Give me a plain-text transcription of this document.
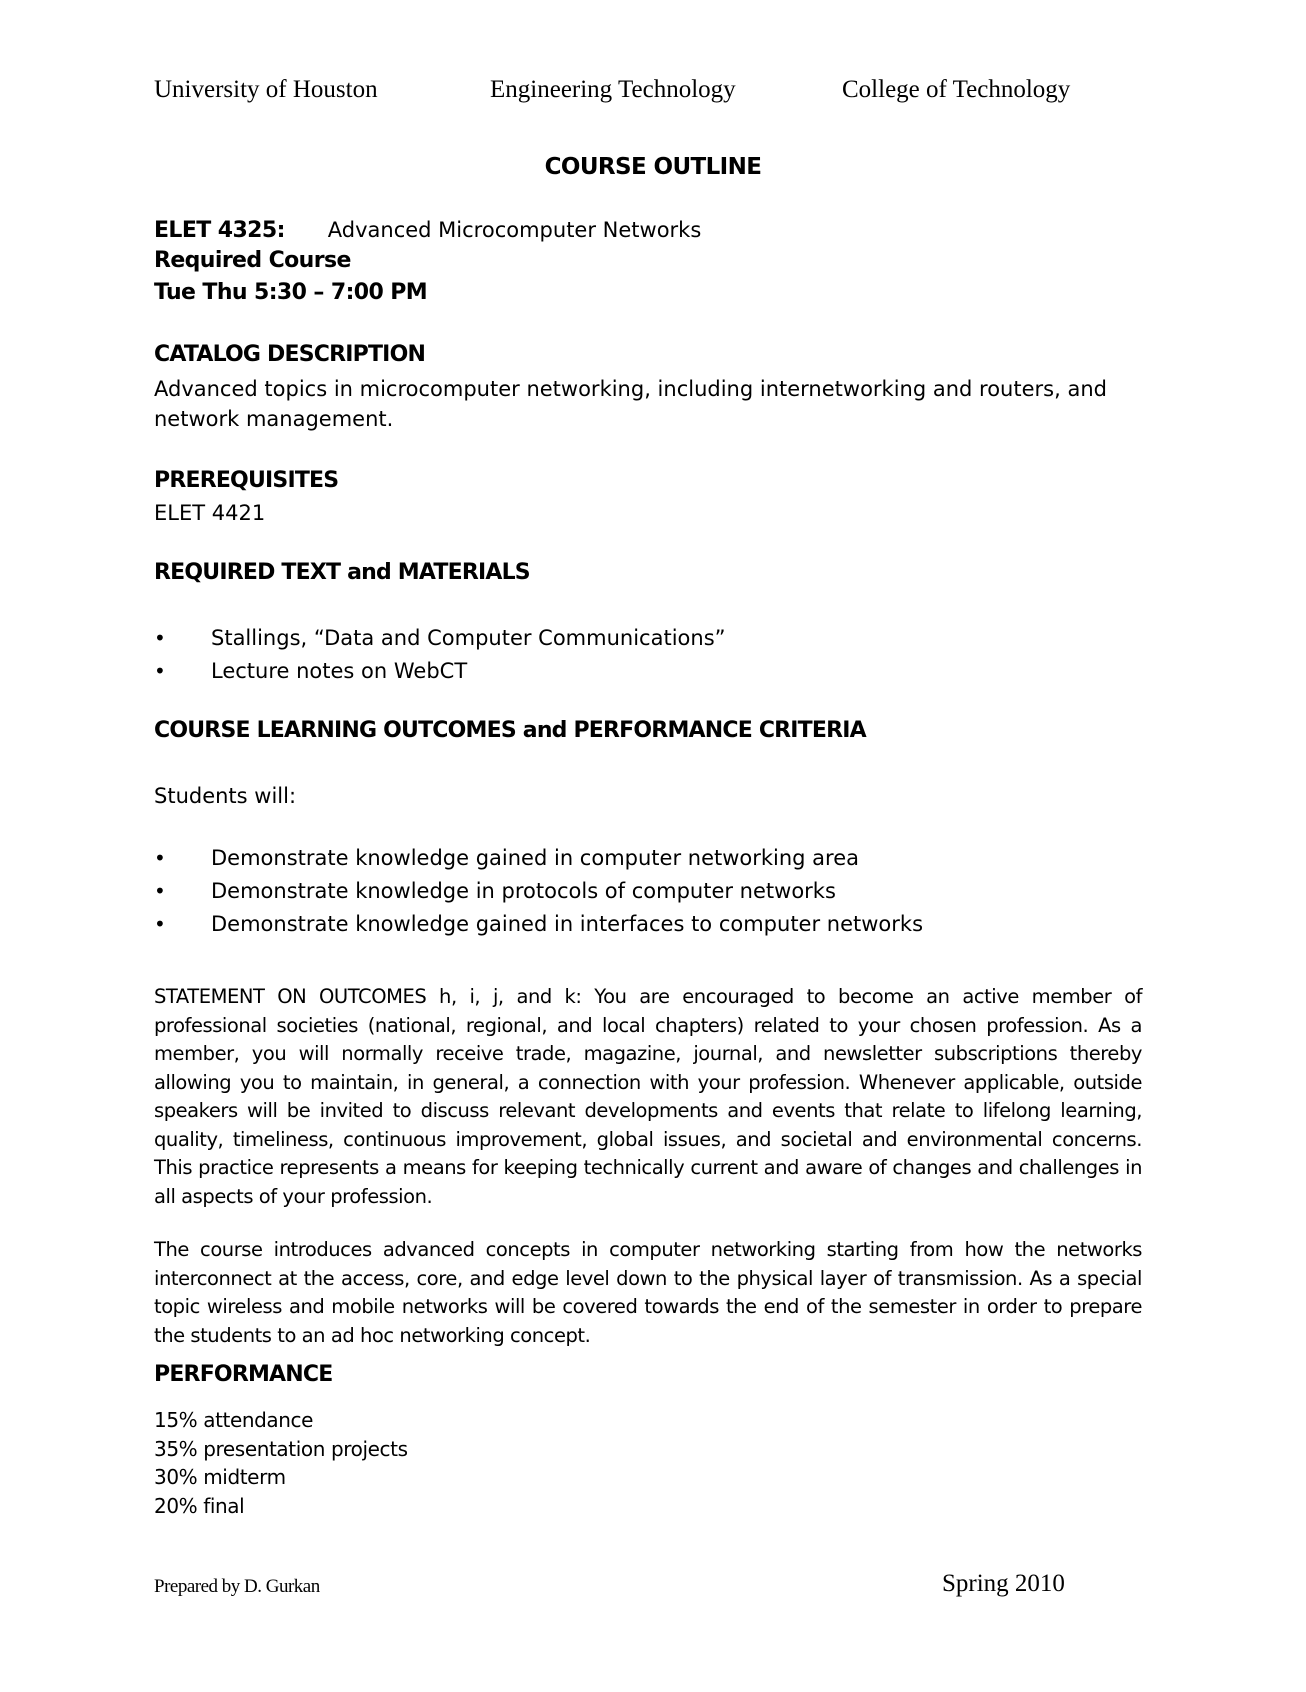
University of Houston	Engineering Technology	College of Technology
COURSE OUTLINE
ELET 4325: Advanced Microcomputer Networks
Required Course
Tue Thu 5:30 – 7:00 PM
CATALOG DESCRIPTION
Advanced topics in microcomputer networking, including internetworking and routers, and
network management.
PREREQUISITES
ELET 4421
REQUIRED TEXT and MATERIALS
• Stallings, “Data and Computer Communications”
• Lecture notes on WebCT
COURSE LEARNING OUTCOMES and PERFORMANCE CRITERIA
Students will:
• Demonstrate knowledge gained in computer networking area
• Demonstrate knowledge in protocols of computer networks
• Demonstrate knowledge gained in interfaces to computer networks
STATEMENT ON OUTCOMES h, i, j, and k: You are encouraged to become an active member of professional societies (national, regional, and local chapters) related to your chosen profession. As a member, you will normally receive trade, magazine, journal, and newsletter subscriptions thereby allowing you to maintain, in general, a connection with your profession. Whenever applicable, outside speakers will be invited to discuss relevant developments and events that relate to lifelong learning, quality, timeliness, continuous improvement, global issues, and societal and environmental concerns. This practice represents a means for keeping technically current and aware of changes and challenges in all aspects of your profession.
The course introduces advanced concepts in computer networking starting from how the networks interconnect at the access, core, and edge level down to the physical layer of transmission. As a special topic wireless and mobile networks will be covered towards the end of the semester in order to prepare the students to an ad hoc networking concept.
PERFORMANCE
15% attendance
35% presentation projects
30% midterm
20% final
Prepared by D. Gurkan	Spring 2010
